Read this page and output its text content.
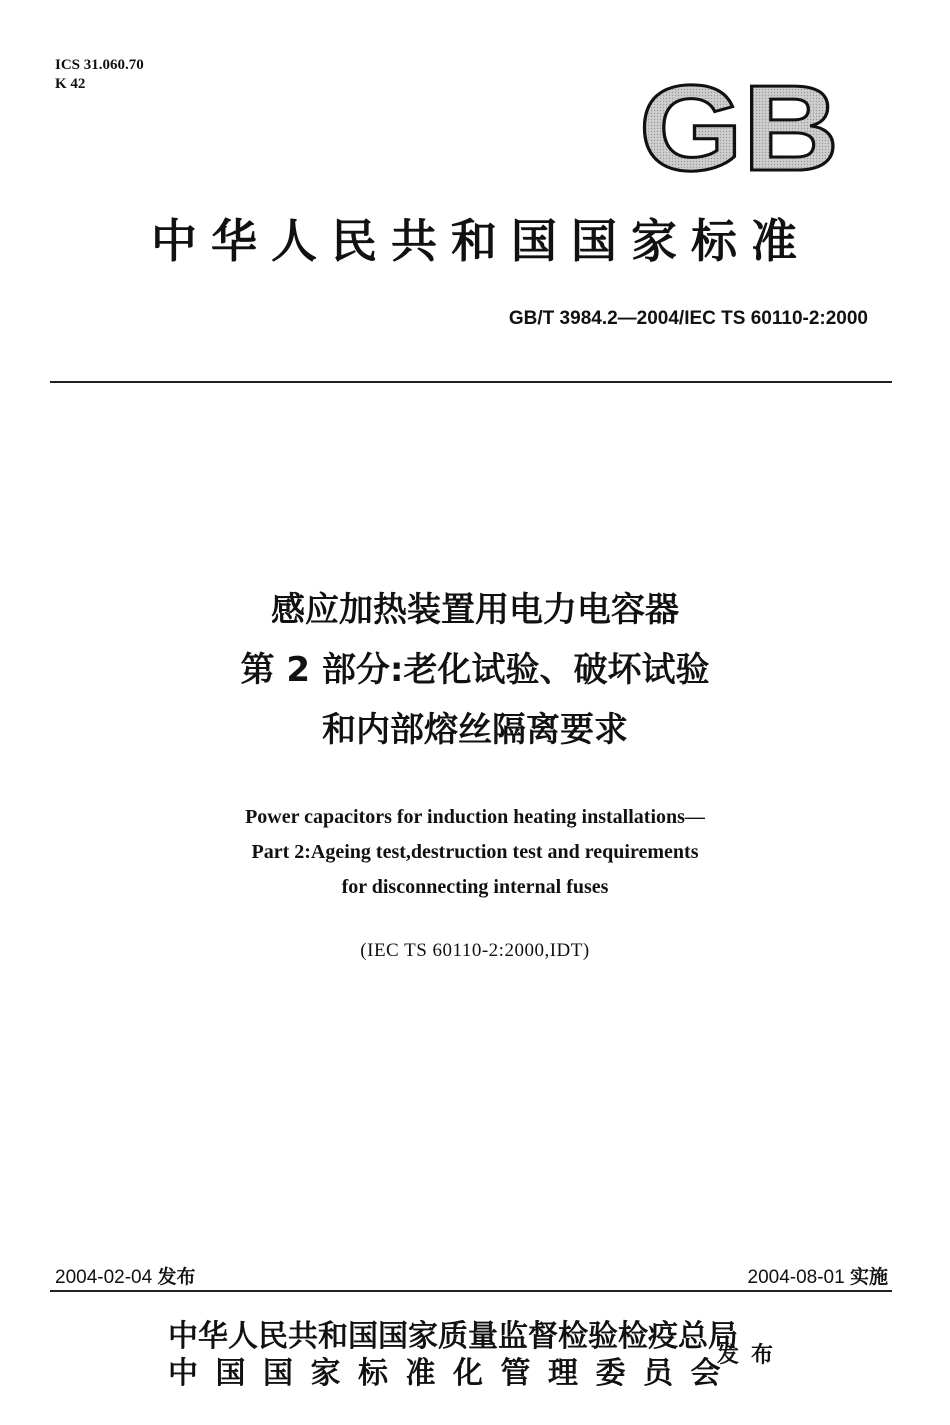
ICS 31.060.70
K 42	GB
中华人民共和国国家标准
GB/T 3984.2—2004/IEC TS 60110-2:2000
感应加热装置用电力电容器
第 2 部分:老化试验、破坏试验
和内部熔丝隔离要求
Power capacitors for induction heating installations—
Part 2:Ageing test,destruction test and requirements
for disconnecting internal fuses
(IEC TS 60110-2:2000,IDT)
2004-02-04 发布	2004-08-01 实施
中华人民共和国国家质量监督检验检疫总局
中国国家标准化管理委员会
发布
